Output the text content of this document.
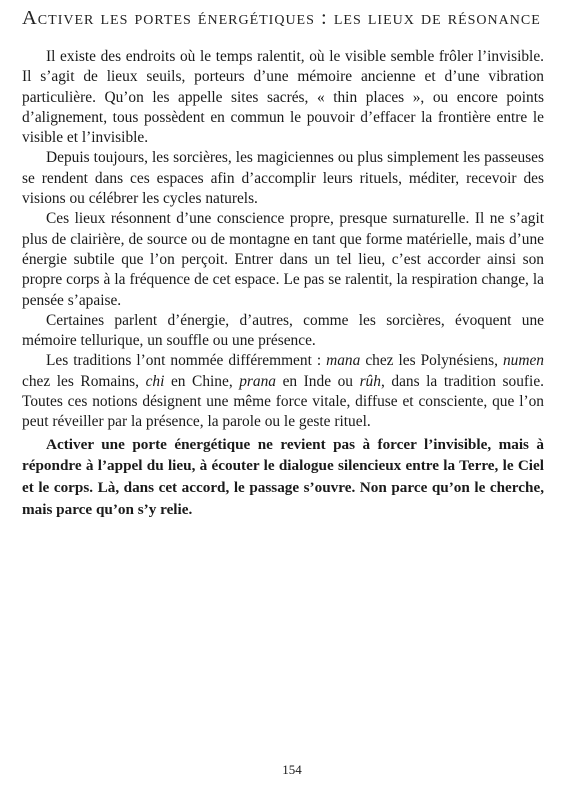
Activer les portes énergétiques : les lieux de résonance

Il existe des endroits où le temps ralentit, où le visible semble frôler l’invisible. Il s’agit de lieux seuils, porteurs d’une mémoire ancienne et d’une vibration particulière. Qu’on les appelle sites sacrés, « thin places », ou encore points d’alignement, tous possèdent en commun le pouvoir d’effacer la frontière entre le visible et l’invisible.

Depuis toujours, les sorcières, les magiciennes ou plus simplement les passeuses se rendent dans ces espaces afin d’accomplir leurs rituels, méditer, recevoir des visions ou célébrer les cycles naturels.

Ces lieux résonnent d’une conscience propre, presque surnaturelle. Il ne s’agit plus de clairière, de source ou de montagne en tant que forme matérielle, mais d’une énergie subtile que l’on perçoit. Entrer dans un tel lieu, c’est accorder ainsi son propre corps à la fréquence de cet espace. Le pas se ralentit, la respiration change, la pensée s’apaise.

Certaines parlent d’énergie, d’autres, comme les sorcières, évoquent une mémoire tellurique, un souffle ou une présence.

Les traditions l’ont nommée différemment : mana chez les Polynésiens, numen chez les Romains, chi en Chine, prana en Inde ou rûh, dans la tradition soufie. Toutes ces notions désignent une même force vitale, diffuse et consciente, que l’on peut réveiller par la présence, la parole ou le geste rituel.

Activer une porte énergétique ne revient pas à forcer l’invisible, mais à répondre à l’appel du lieu, à écouter le dialogue silencieux entre la Terre, le Ciel et le corps. Là, dans cet accord, le passage s’ouvre. Non parce qu’on le cherche, mais parce qu’on s’y relie.

154
